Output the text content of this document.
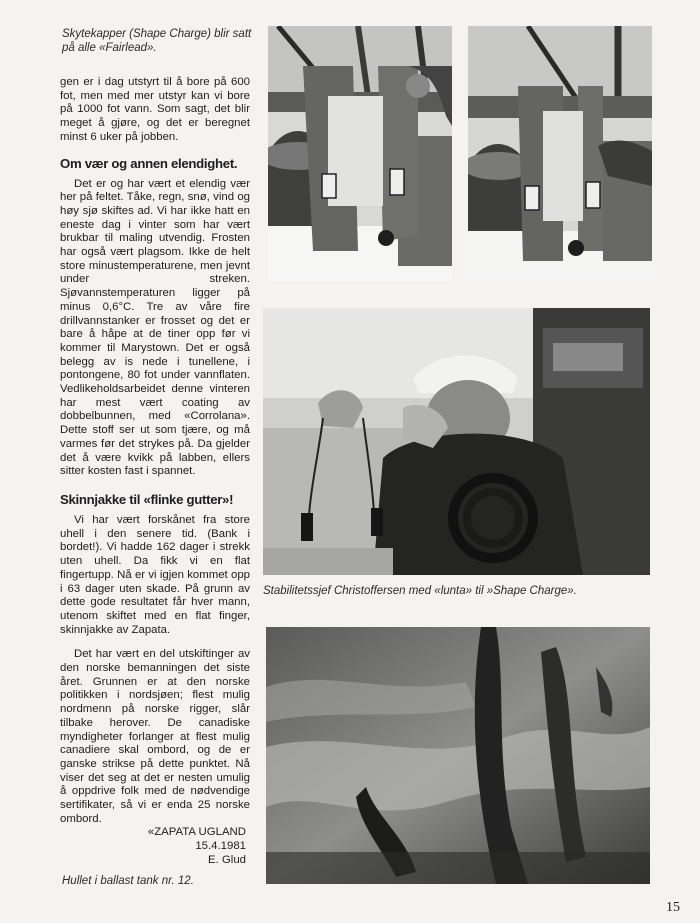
Skytekapper (Shape Charge) blir satt på alle «Fairlead».

gen er i dag utstyrt til å bore på 600 fot, men med mer utstyr kan vi bore på 1000 fot vann. Som sagt, det blir meget å gjøre, og det er beregnet minst 6 uker på jobben.

Om vær og annen elendighet.

Det er og har vært et elendig vær her på feltet. Tåke, regn, snø, vind og høy sjø skiftes ad. Vi har ikke hatt en eneste dag i vinter som har vært brukbar til maling utvendig. Frosten har også vært plagsom. Ikke de helt store minustemperaturene, men jevnt under streken. Sjøvannstemperaturen ligger på minus 0,6°C. Tre av våre fire drillvannstanker er frosset og det er bare å håpe at de tiner opp før vi kommer til Marystown. Det er også belegg av is nede i tunellene, i pontongene, 80 fot under vannflaten. Vedlikeholdsarbeidet denne vinteren har mest vært coating av dobbelbunnen, med «Corrolana». Dette stoff ser ut som tjære, og må varmes før det strykes på. Da gjelder det å være kvikk på labben, ellers sitter kosten fast i spannet.

Skinnjakke til «flinke gutter»!

Vi har vært forskånet fra store uhell i den senere tid. (Bank i bordet!). Vi hadde 162 dager i strekk uten uhell. Da fikk vi en flat fingertupp. Nå er vi igjen kommet opp i 63 dager uten skade. På grunn av dette gode resultatet får hver mann, utenom skiftet med en flat finger, skinnjakke av Zapata.

Det har vært en del utskiftinger av den norske bemanningen det siste året. Grunnen er at den norske politikken i nordsjøen; flest mulig nordmenn på norske rigger, slår tilbake herover. De canadiske myndigheter forlanger at flest mulig canadiere skal ombord, og de er ganske strikse på dette punktet. Nå viser det seg at det er nesten umulig å oppdrive folk med de nødvendige sertifikater, så vi er enda 25 norske ombord.

«ZAPATA UGLAND

15.4.1981

E. Glud

Hullet i ballast tank nr. 12.

Stabilitetssjef Christoffersen med «lunta» til »Shape Charge».

15
